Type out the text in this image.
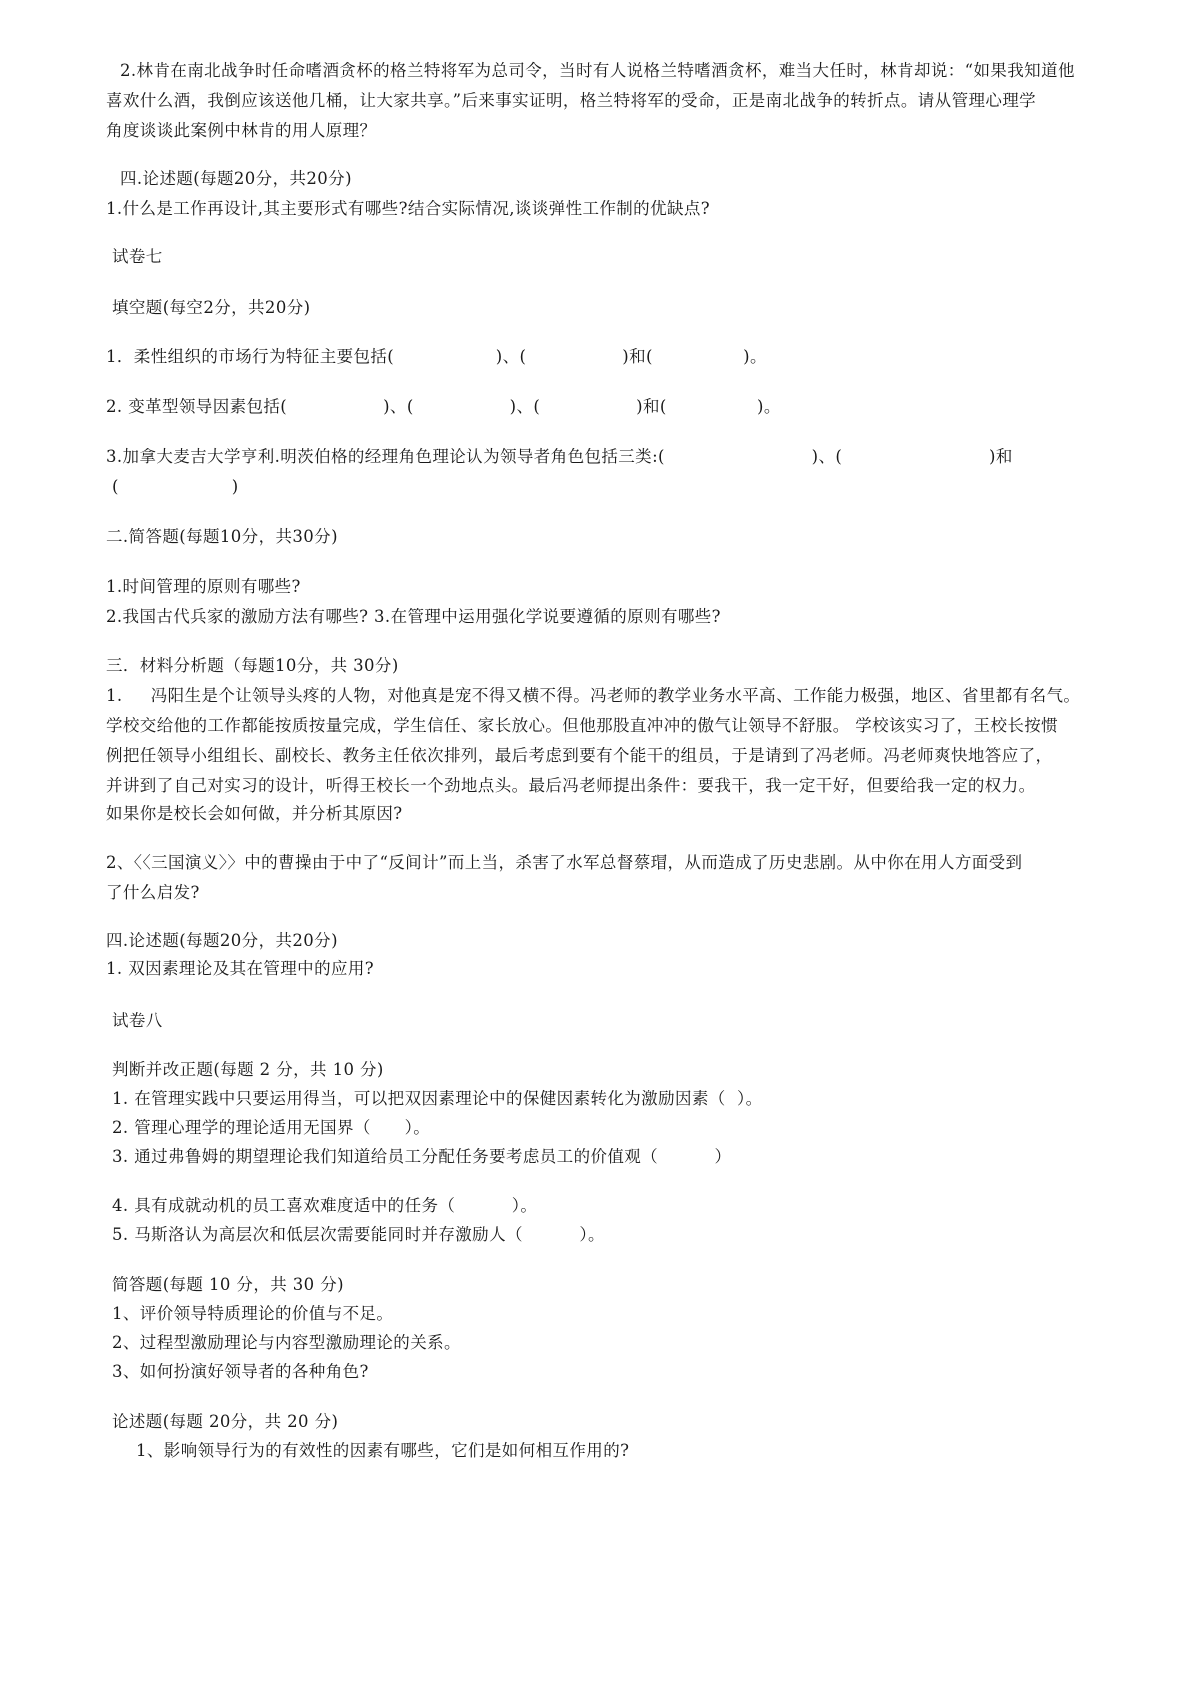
2.林肯在南北战争时任命嗜酒贪杯的格兰特将军为总司令，当时有人说格兰特嗜酒贪杯，难当大任时，林肯却说：“如果我知道他
喜欢什么酒，我倒应该送他几桶，让大家共享。”后来事实证明，格兰特将军的受命，正是南北战争的转折点。请从管理心理学
角度谈谈此案例中林肯的用人原理？
四.论述题(每题20分，共20分)
1.什么是工作再设计,其主要形式有哪些?结合实际情况,谈谈弹性工作制的优缺点?
试卷七
填空题(每空2分，共20分)
1．柔性组织的市场行为特征主要包括(                  )、(                 )和(                )。
2. 变革型领导因素包括(                 )、(                 )、(                 )和(                )。
3.加拿大麦吉大学亨利.明茨伯格的经理角色理论认为领导者角色包括三类:(                          )、(                          )和
(                    )
二.简答题(每题10分，共30分)
1.时间管理的原则有哪些?
2.我国古代兵家的激励方法有哪些? 3.在管理中运用强化学说要遵循的原则有哪些?
三．材料分析题（每题10分，共 30分)
1.     冯阳生是个让领导头疼的人物，对他真是宠不得又横不得。冯老师的教学业务水平高、工作能力极强，地区、省里都有名气。
学校交给他的工作都能按质按量完成，学生信任、家长放心。但他那股直冲冲的傲气让领导不舒服。 学校该实习了，王校长按惯
例把任领导小组组长、副校长、教务主任依次排列，最后考虑到要有个能干的组员，于是请到了冯老师。冯老师爽快地答应了，
并讲到了自己对实习的设计，听得王校长一个劲地点头。最后冯老师提出条件：要我干，我一定干好，但要给我一定的权力。
如果你是校长会如何做，并分析其原因?
2、〈〈三国演义〉〉中的曹操由于中了“反间计”而上当，杀害了水军总督蔡瑁，从而造成了历史悲剧。从中你在用人方面受到
了什么启发?
四.论述题(每题20分，共20分)
1. 双因素理论及其在管理中的应用?
试卷八
判断并改正题(每题 2 分，共 10 分)
1. 在管理实践中只要运用得当，可以把双因素理论中的保健因素转化为激励因素（  ）。
2. 管理心理学的理论适用无国界（      ）。
3. 通过弗鲁姆的期望理论我们知道给员工分配任务要考虑员工的价值观（          ）
4. 具有成就动机的员工喜欢难度适中的任务（          ）。
5. 马斯洛认为高层次和低层次需要能同时并存激励人（          ）。
简答题(每题 10 分，共 30 分)
1、评价领导特质理论的价值与不足。
2、过程型激励理论与内容型激励理论的关系。
3、如何扮演好领导者的各种角色?
论述题(每题 20分，共 20 分)
1、影响领导行为的有效性的因素有哪些，它们是如何相互作用的?
